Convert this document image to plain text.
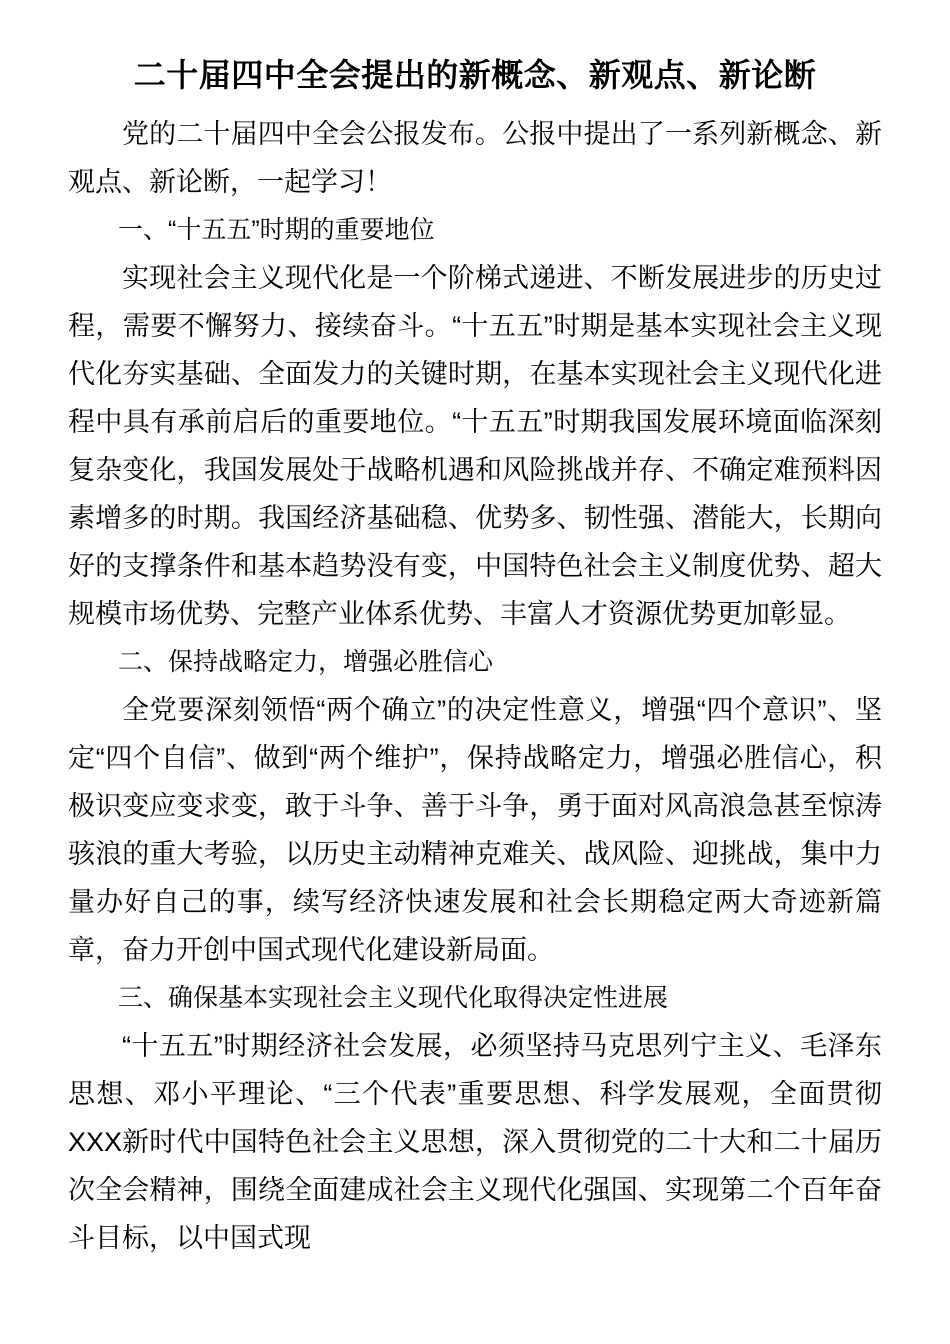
二十届四中全会提出的新概念、新观点、新论断

党的二十届四中全会公报发布。公报中提出了一系列新概念、新观点、新论断，一起学习！

一、“十五五”时期的重要地位

实现社会主义现代化是一个阶梯式递进、不断发展进步的历史过程，需要不懈努力、接续奋斗。“十五五”时期是基本实现社会主义现代化夯实基础、全面发力的关键时期，在基本实现社会主义现代化进程中具有承前启后的重要地位。“十五五”时期我国发展环境面临深刻复杂变化，我国发展处于战略机遇和风险挑战并存、不确定难预料因素增多的时期。我国经济基础稳、优势多、韧性强、潜能大，长期向好的支撑条件和基本趋势没有变，中国特色社会主义制度优势、超大规模市场优势、完整产业体系优势、丰富人才资源优势更加彰显。

二、保持战略定力，增强必胜信心

全党要深刻领悟“两个确立”的决定性意义，增强“四个意识”、坚定“四个自信”、做到“两个维护”，保持战略定力，增强必胜信心，积极识变应变求变，敢于斗争、善于斗争，勇于面对风高浪急甚至惊涛骇浪的重大考验，以历史主动精神克难关、战风险、迎挑战，集中力量办好自己的事，续写经济快速发展和社会长期稳定两大奇迹新篇章，奋力开创中国式现代化建设新局面。

三、确保基本实现社会主义现代化取得决定性进展

“十五五”时期经济社会发展，必须坚持马克思列宁主义、毛泽东思想、邓小平理论、“三个代表”重要思想、科学发展观，全面贯彻XXX新时代中国特色社会主义思想，深入贯彻党的二十大和二十届历次全会精神，围绕全面建成社会主义现代化强国、实现第二个百年奋斗目标，以中国式现
